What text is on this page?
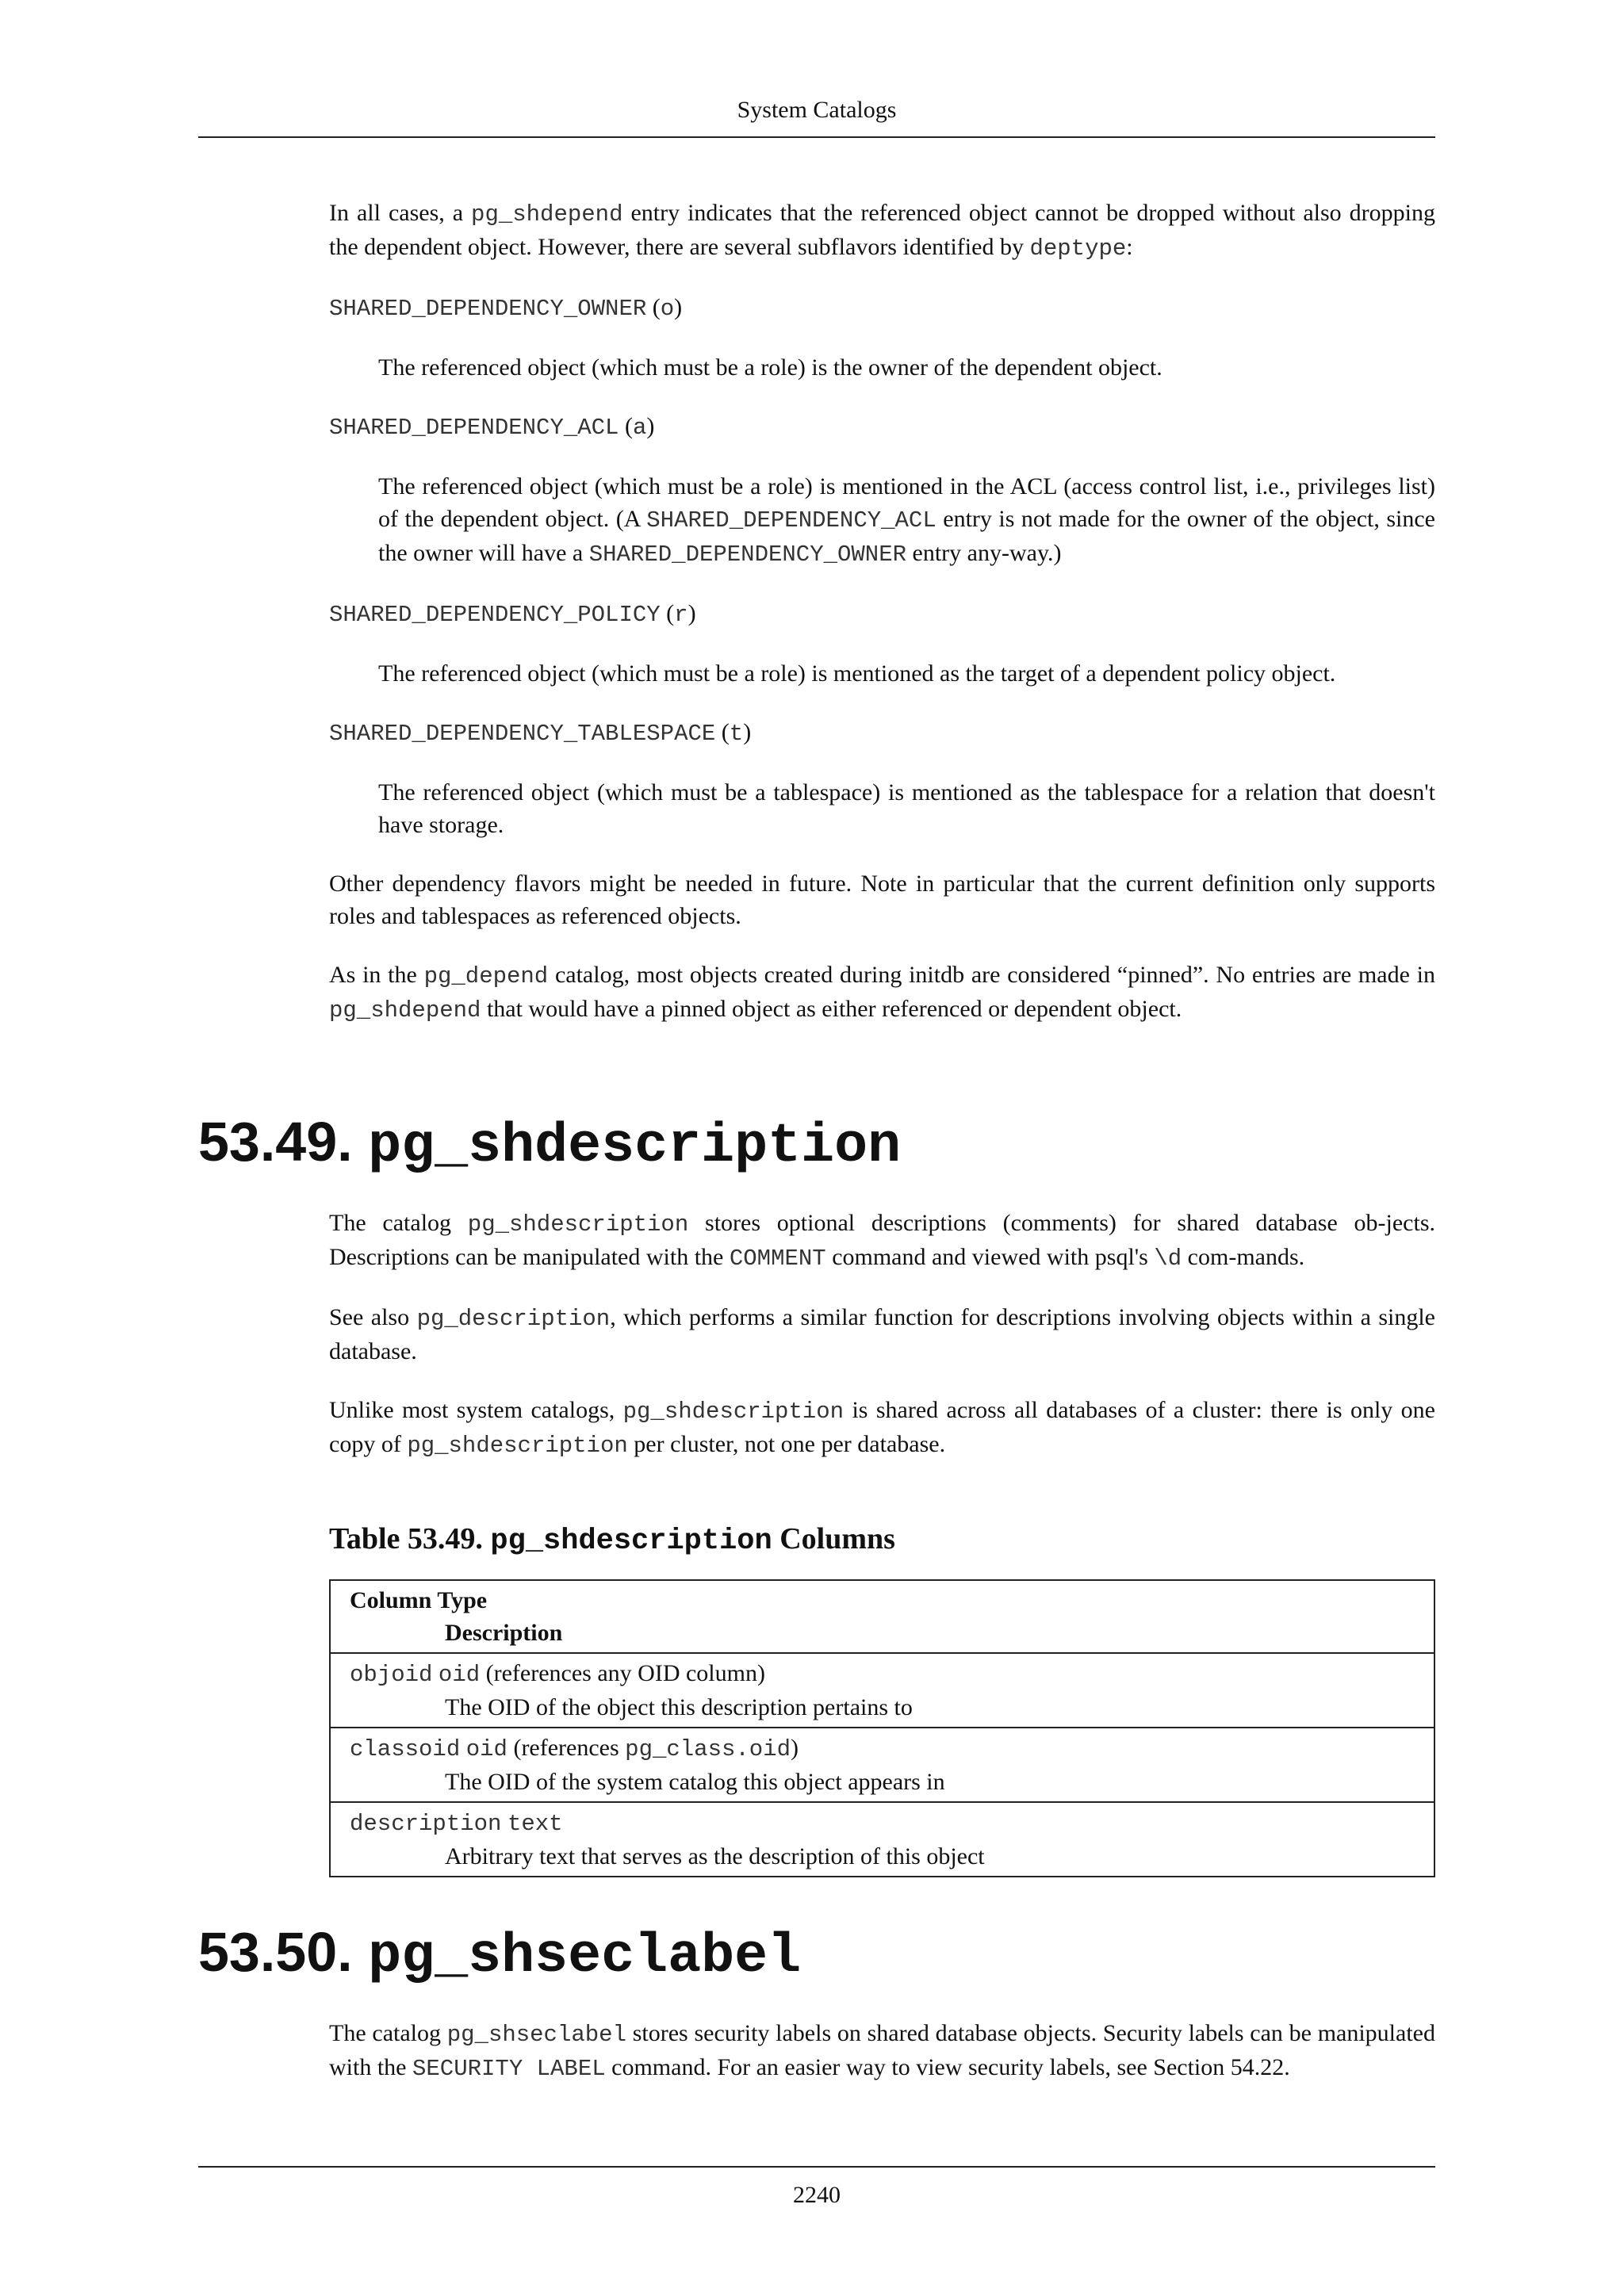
System Catalogs

In all cases, a pg_shdepend entry indicates that the referenced object cannot be dropped without also dropping the dependent object. However, there are several subflavors identified by deptype:

SHARED_DEPENDENCY_OWNER (o)
The referenced object (which must be a role) is the owner of the dependent object.
SHARED_DEPENDENCY_ACL (a)
The referenced object (which must be a role) is mentioned in the ACL (access control list, i.e., privileges list) of the dependent object. (A SHARED_DEPENDENCY_ACL entry is not made for the owner of the object, since the owner will have a SHARED_DEPENDENCY_OWNER entry any-way.)
SHARED_DEPENDENCY_POLICY (r)
The referenced object (which must be a role) is mentioned as the target of a dependent policy object.
SHARED_DEPENDENCY_TABLESPACE (t)
The referenced object (which must be a tablespace) is mentioned as the tablespace for a relation that doesn't have storage.

Other dependency flavors might be needed in future. Note in particular that the current definition only supports roles and tablespaces as referenced objects.

As in the pg_depend catalog, most objects created during initdb are considered “pinned”. No entries are made in pg_shdepend that would have a pinned object as either referenced or dependent object.

53.49. pg_shdescription

The catalog pg_shdescription stores optional descriptions (comments) for shared database ob-jects. Descriptions can be manipulated with the COMMENT command and viewed with psql's \d com-mands.

See also pg_description, which performs a similar function for descriptions involving objects within a single database.

Unlike most system catalogs, pg_shdescription is shared across all databases of a cluster: there is only one copy of pg_shdescription per cluster, not one per database.

Table 53.49. pg_shdescription Columns
Column Type
Description

objoid oid (references any OID column)
The OID of the object this description pertains to

classoid oid (references pg_class.oid)
The OID of the system catalog this object appears in

description text
Arbitrary text that serves as the description of this object
53.50. pg_shseclabel

The catalog pg_shseclabel stores security labels on shared database objects. Security labels can be manipulated with the SECURITY LABEL command. For an easier way to view security labels, see Section 54.22.

2240
